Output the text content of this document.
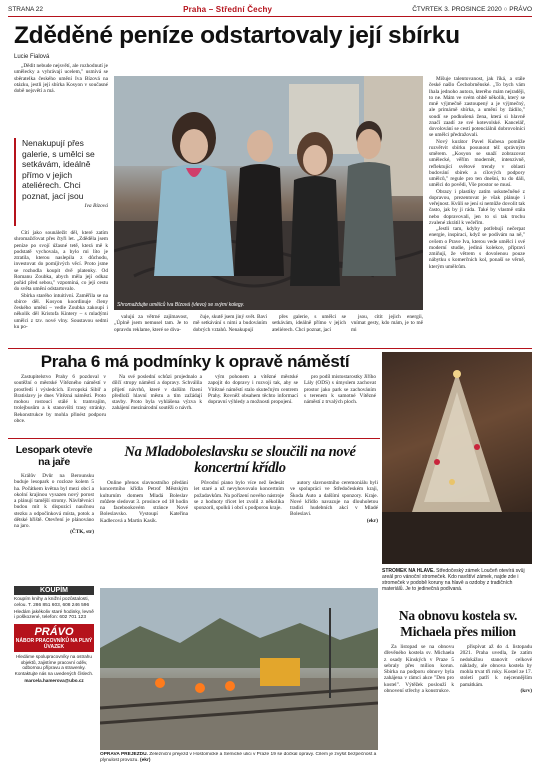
STRANA 22	Praha – Střední Čechy	ČTVRTEK 3. PROSINCE 2020 ○ PRÁVO
Zděděné peníze odstartovaly její sbírku
Lucie Fialová

„Dědit nebude nejsvětí, ale rozhodnutí je umělecky a vyhrávají ucelem," usmívá se sběratelka českého umění Iva Bízová na otázku, jestli její sbírka Kosyon v současné době nejsvětí a má.

Nenakupují přes galerie, s umělci se setkávám, ideálně přímo v jejich ateliérech. Chci poznat, jací jsou
Iva Bízová

Cítí jako sounáležit děl, které zatím shromažďovat přes čtyři let. „Zděděla jsem peníze po svojí úžasné tetě, která mě k podstatě vychovala, a bylo mi líto je ztratila, kterou naslepila z důchodu, investovat do pomíjivých věcí. Proto jsme se rozhodla koupit dvě platenky. Od Romanu Zoubka, abych měla její odkaz pořád před sebou," vzpomíná, co její cestu do světa umění odstartovalo.

Sbírka starého intuitivní. Zaměřila se na sbírce děl. Kosyon koordinuje členy českého umění – vedle Zoubka zakoupí i několik děl Kristofa Kintery – s mladými umělci z tzv. nové vlny. Soustavou sedmi ku po-

Shromaždujte umělců Iva Bízová (vlevo) se svými kolegy.

Mišuje talentovanost, jak říká, a stále české našlo Čechobrněnské. „To bych vám lhala jednoho autora, kterého mám nejraději, to ne. Mám ve svém ohbě několik, který se mně výjmečně zastoupený a je výjmečný, ale primárně sbírka, a umění by žádilo," soudí se podkušená žena, která si hlavně značí zaadí ze své kotevolské. Kancelář, dovolování se cestí potenciálnů dobrovolníci se umělci předražovali.

Nový kurátor Pavel Kubesa pomůže rozvětvit sbírku posunout též správným směrem. „Kosyon se snaží zobrazovat umělecké, věřím modernět, intenzivně, reflektující světové trendy v oblasti budování sbírek a cílových podpory umělců," regule pro ten dnešní, tu do dáli, umělci do povědi, Vše prostor se musí.

Obrazy i plastiky zatím uskutečněné z dopravou, prezentovat je však plánuje i veřejnost. Kvůli se jení si nemůže dovolit tak často, jak by ji ráda. Také by vlastně stála nebo dopravovali, jen to si tak trochu zvalené zkrátil k večeřím.

„Jestli tam, kdyby potřebují nečerpat energie, inspiraci, když se podívám na ně," ovšem o Prave Iva, kterou vede umělci i své moderní studie, jediná kolekce, připraví zmiňují, že větrem s dovolenou pouze nábytku s komerčních kol, ponaší se věrně, kterým umělcům.

valujú za větrné zajímavost, „Úplně jsem nemusel tam. Je to opravdu reklame, které se diva-

čuje, skutě jsem jiný svět. Baví mě setkávání s nimi a budováním dobrých vztahů. Nenakupují

přes galerie, s umělci se setkávám, ideálně přímo v jejich ateliérech. Chci poznat, jací

jsou, cítit jejich energii, vnímat gesty, kdo mám, je to mě mi

Praha 6 má podmínky k opravě náměstí

Zastupitelstvo Prahy 6 pozdoval v soutěžní o městské Vítězného náměstí v prostředí i výsledcích. Evropská Sibiř a Bratislavy je dnes Vítězná náměstí. Proto mohou rostoucí stálé k tramvajím, trolejbusům a k stanovišti trasy stránky. Rekonstrukce by mohla přinést podporu obce.

Na své poslední schůzi projednalo a dílčí stropy náměstí a dopravy. Schválila přijetí návrhů, které v dalším řízení předloží hlavní městu a tím zažádají stavby. Proto byla vyhlášena výzva k zahájení mezinárodní soutěži o návrh.

vým pohonem a vítězné městské zapojit do dopravy i rozvoji tak, aby se Vítězné náměstí stalo skutečným centrem Prahy. Rovněž obsahem těchto informací dopravní výhledy a možnosti propojení.

pro podíl mistostarostky Jiřího Lály (ODS) s úmyslem zachovat prostor jako park se zachováním s terenem k samotné Vítězné náměstí z trvalých ploch.

Lesopark otevře na jaře

Králův Dvůr na Berounsku buduje lesopark o rozloze kolem 5 ha. Počátkem května byl mezi obcí a okolní krajinou vysazen nový porost a plánují tamější stromy. Návštěvníci budou mít k dispozici naučnou stezku a odpočinková místa, potok a dětské hřiště. Otevření je plánováno na jaro.

(ČTK, str)

Na Mladoboleslavsku se sloučili na nové koncertní křídlo

Online přenos slavnostního předání koncertního křídla Petrof Městským kulturním domem Mladá Boleslav můžete sledovat 3. prosince od 18 hodin na facebookovém stránce Nové Boleslavsko. Vystoupí Kateřina Kadlecová a Martin Kasík.

Původní piano bylo více než šedesát let staré a už nevyhovovalo koncertním požadavkům. Na pořízení nového nástroje se z hodnoty třicet let zvolil z několika sponzorů, spolků i obcí s podporou kraje.

autory slavnostního ceremoniálu byli ve spolupráci ve Středočeském kraji, Škoda Auto a dalšími sponzory. Kraje. Nové křídlo navazuje na dlouholetou tradici hudebních akcí v Mladé Boleslavi.

(ekr)

STROMEK NA HLAVĚ. Středočeský zámek Loučeň otevírá svůj areál pro vánoční stromeček. Kdo navštíví zámek, najde zde i stromeček v podobě koruny na hlavě a ozdoby z tradičních materiálů. Je to jedinečná podívaná.
KOUPÍM
Koupím knihy a knižní pozůstalosti, celou. T. 286 851 603, 608 246 596
Hledám jakékoliv staré hodinky, levně i poškozené, telefon: 602 701 123
PRÁVO
NÁBOR PRACOVNÍKŮ NA PLNÝ ÚVAZEK
Hledáme spolupracovníky na ostrahu objektů, zajistíme pracovní oděv, odbornou přípravu a stravenky. Kontaktujte nás na uvedených číslech.
marcela.hamerova@ubo.cz
OPRAVA PŘEJEZDU. Železniční přejezd v Hostomické a Semické ulici v Praze 19 se dočkal opravy. Cílem je zvýšit bezpečnost a plynulost provozu. (ekr)
Na obnovu kostela sv. Michaela přes milion

Za listopad se na obnovu dřevěného kostela sv. Michaela z osady Kinských v Praze 5 sebraly přes milion korun. Sbírka na podporu obnovy byla zahájena v rámci akce "Den pro kostel". Výtěžek poslouží k obnovení střechy a konstrukce.

přispívat až do 4. listopadu 2021. Praha uvedla, že zatím nedokážou stanovit celkové náklady, ale obnova kostela by mohla trvat tři roky. Kostel ze 17. století patří k nejcennějším památkám.

(krv)
